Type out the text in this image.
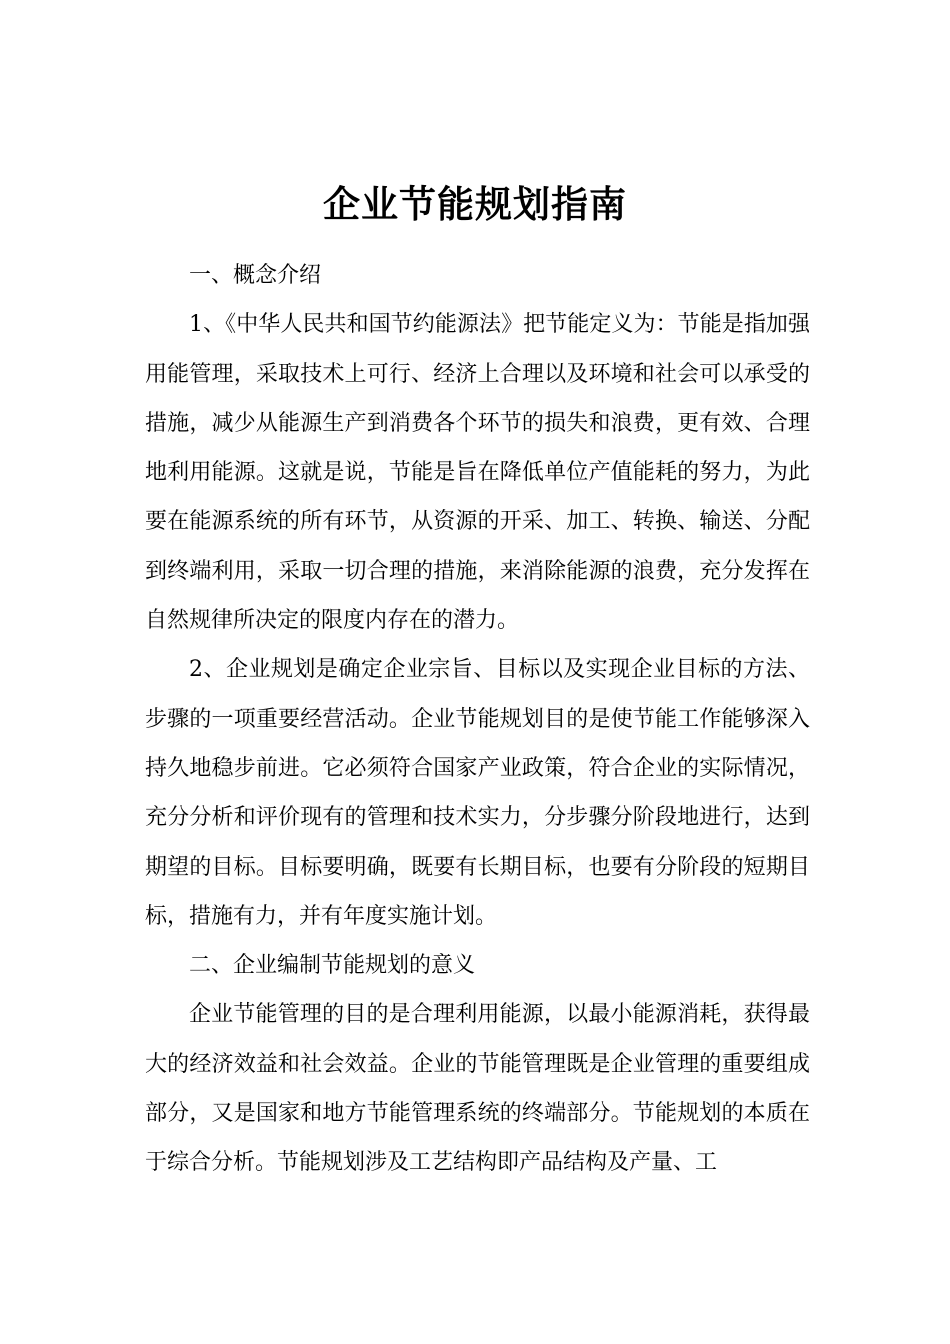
企业节能规划指南

一、概念介绍

1、《中华人民共和国节约能源法》把节能定义为：节能是指加强用能管理，采取技术上可行、经济上合理以及环境和社会可以承受的措施，减少从能源生产到消费各个环节的损失和浪费，更有效、合理地利用能源。这就是说，节能是旨在降低单位产值能耗的努力，为此要在能源系统的所有环节，从资源的开采、加工、转换、输送、分配到终端利用，采取一切合理的措施，来消除能源的浪费，充分发挥在自然规律所决定的限度内存在的潜力。

2、企业规划是确定企业宗旨、目标以及实现企业目标的方法、步骤的一项重要经营活动。企业节能规划目的是使节能工作能够深入持久地稳步前进。它必须符合国家产业政策，符合企业的实际情况，充分分析和评价现有的管理和技术实力，分步骤分阶段地进行，达到期望的目标。目标要明确，既要有长期目标，也要有分阶段的短期目标，措施有力，并有年度实施计划。

二、企业编制节能规划的意义

企业节能管理的目的是合理利用能源，以最小能源消耗，获得最大的经济效益和社会效益。企业的节能管理既是企业管理的重要组成部分，又是国家和地方节能管理系统的终端部分。节能规划的本质在于综合分析。节能规划涉及工艺结构即产品结构及产量、工
